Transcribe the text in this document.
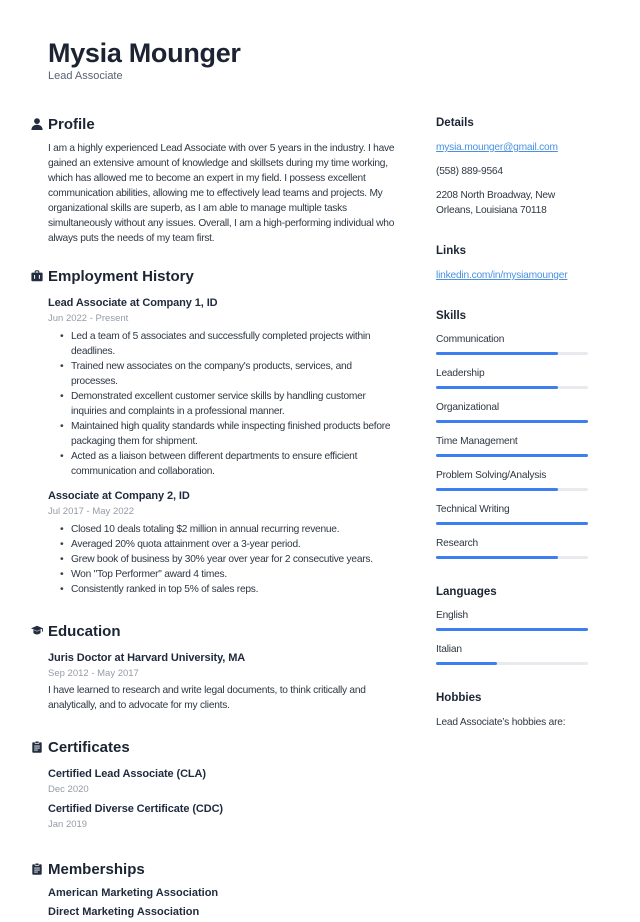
Mysia Mounger
Lead Associate
Profile
I am a highly experienced Lead Associate with over 5 years in the industry. I have gained an extensive amount of knowledge and skillsets during my time working, which has allowed me to become an expert in my field. I possess excellent communication abilities, allowing me to effectively lead teams and projects. My organizational skills are superb, as I am able to manage multiple tasks simultaneously without any issues. Overall, I am a high-performing individual who always puts the needs of my team first.
Employment History
Lead Associate at Company 1, ID
Jun 2022 - Present
• Led a team of 5 associates and successfully completed projects within deadlines.
• Trained new associates on the company's products, services, and processes.
• Demonstrated excellent customer service skills by handling customer inquiries and complaints in a professional manner.
• Maintained high quality standards while inspecting finished products before packaging them for shipment.
• Acted as a liaison between different departments to ensure efficient communication and collaboration.
Associate at Company 2, ID
Jul 2017 - May 2022
• Closed 10 deals totaling $2 million in annual recurring revenue.
• Averaged 20% quota attainment over a 3-year period.
• Grew book of business by 30% year over year for 2 consecutive years.
• Won "Top Performer" award 4 times.
• Consistently ranked in top 5% of sales reps.
Education
Juris Doctor at Harvard University, MA
Sep 2012 - May 2017
I have learned to research and write legal documents, to think critically and analytically, and to advocate for my clients.
Certificates
Certified Lead Associate (CLA)
Dec 2020
Certified Diverse Certificate (CDC)
Jan 2019
Memberships
American Marketing Association
Direct Marketing Association
Details
mysia.mounger@gmail.com
(558) 889-9564
2208 North Broadway, New Orleans, Louisiana 70118
Links
linkedin.com/in/mysiamounger
Skills
Communication
Leadership
Organizational
Time Management
Problem Solving/Analysis
Technical Writing
Research
Languages
English
Italian
Hobbies
Lead Associate’s hobbies are:
